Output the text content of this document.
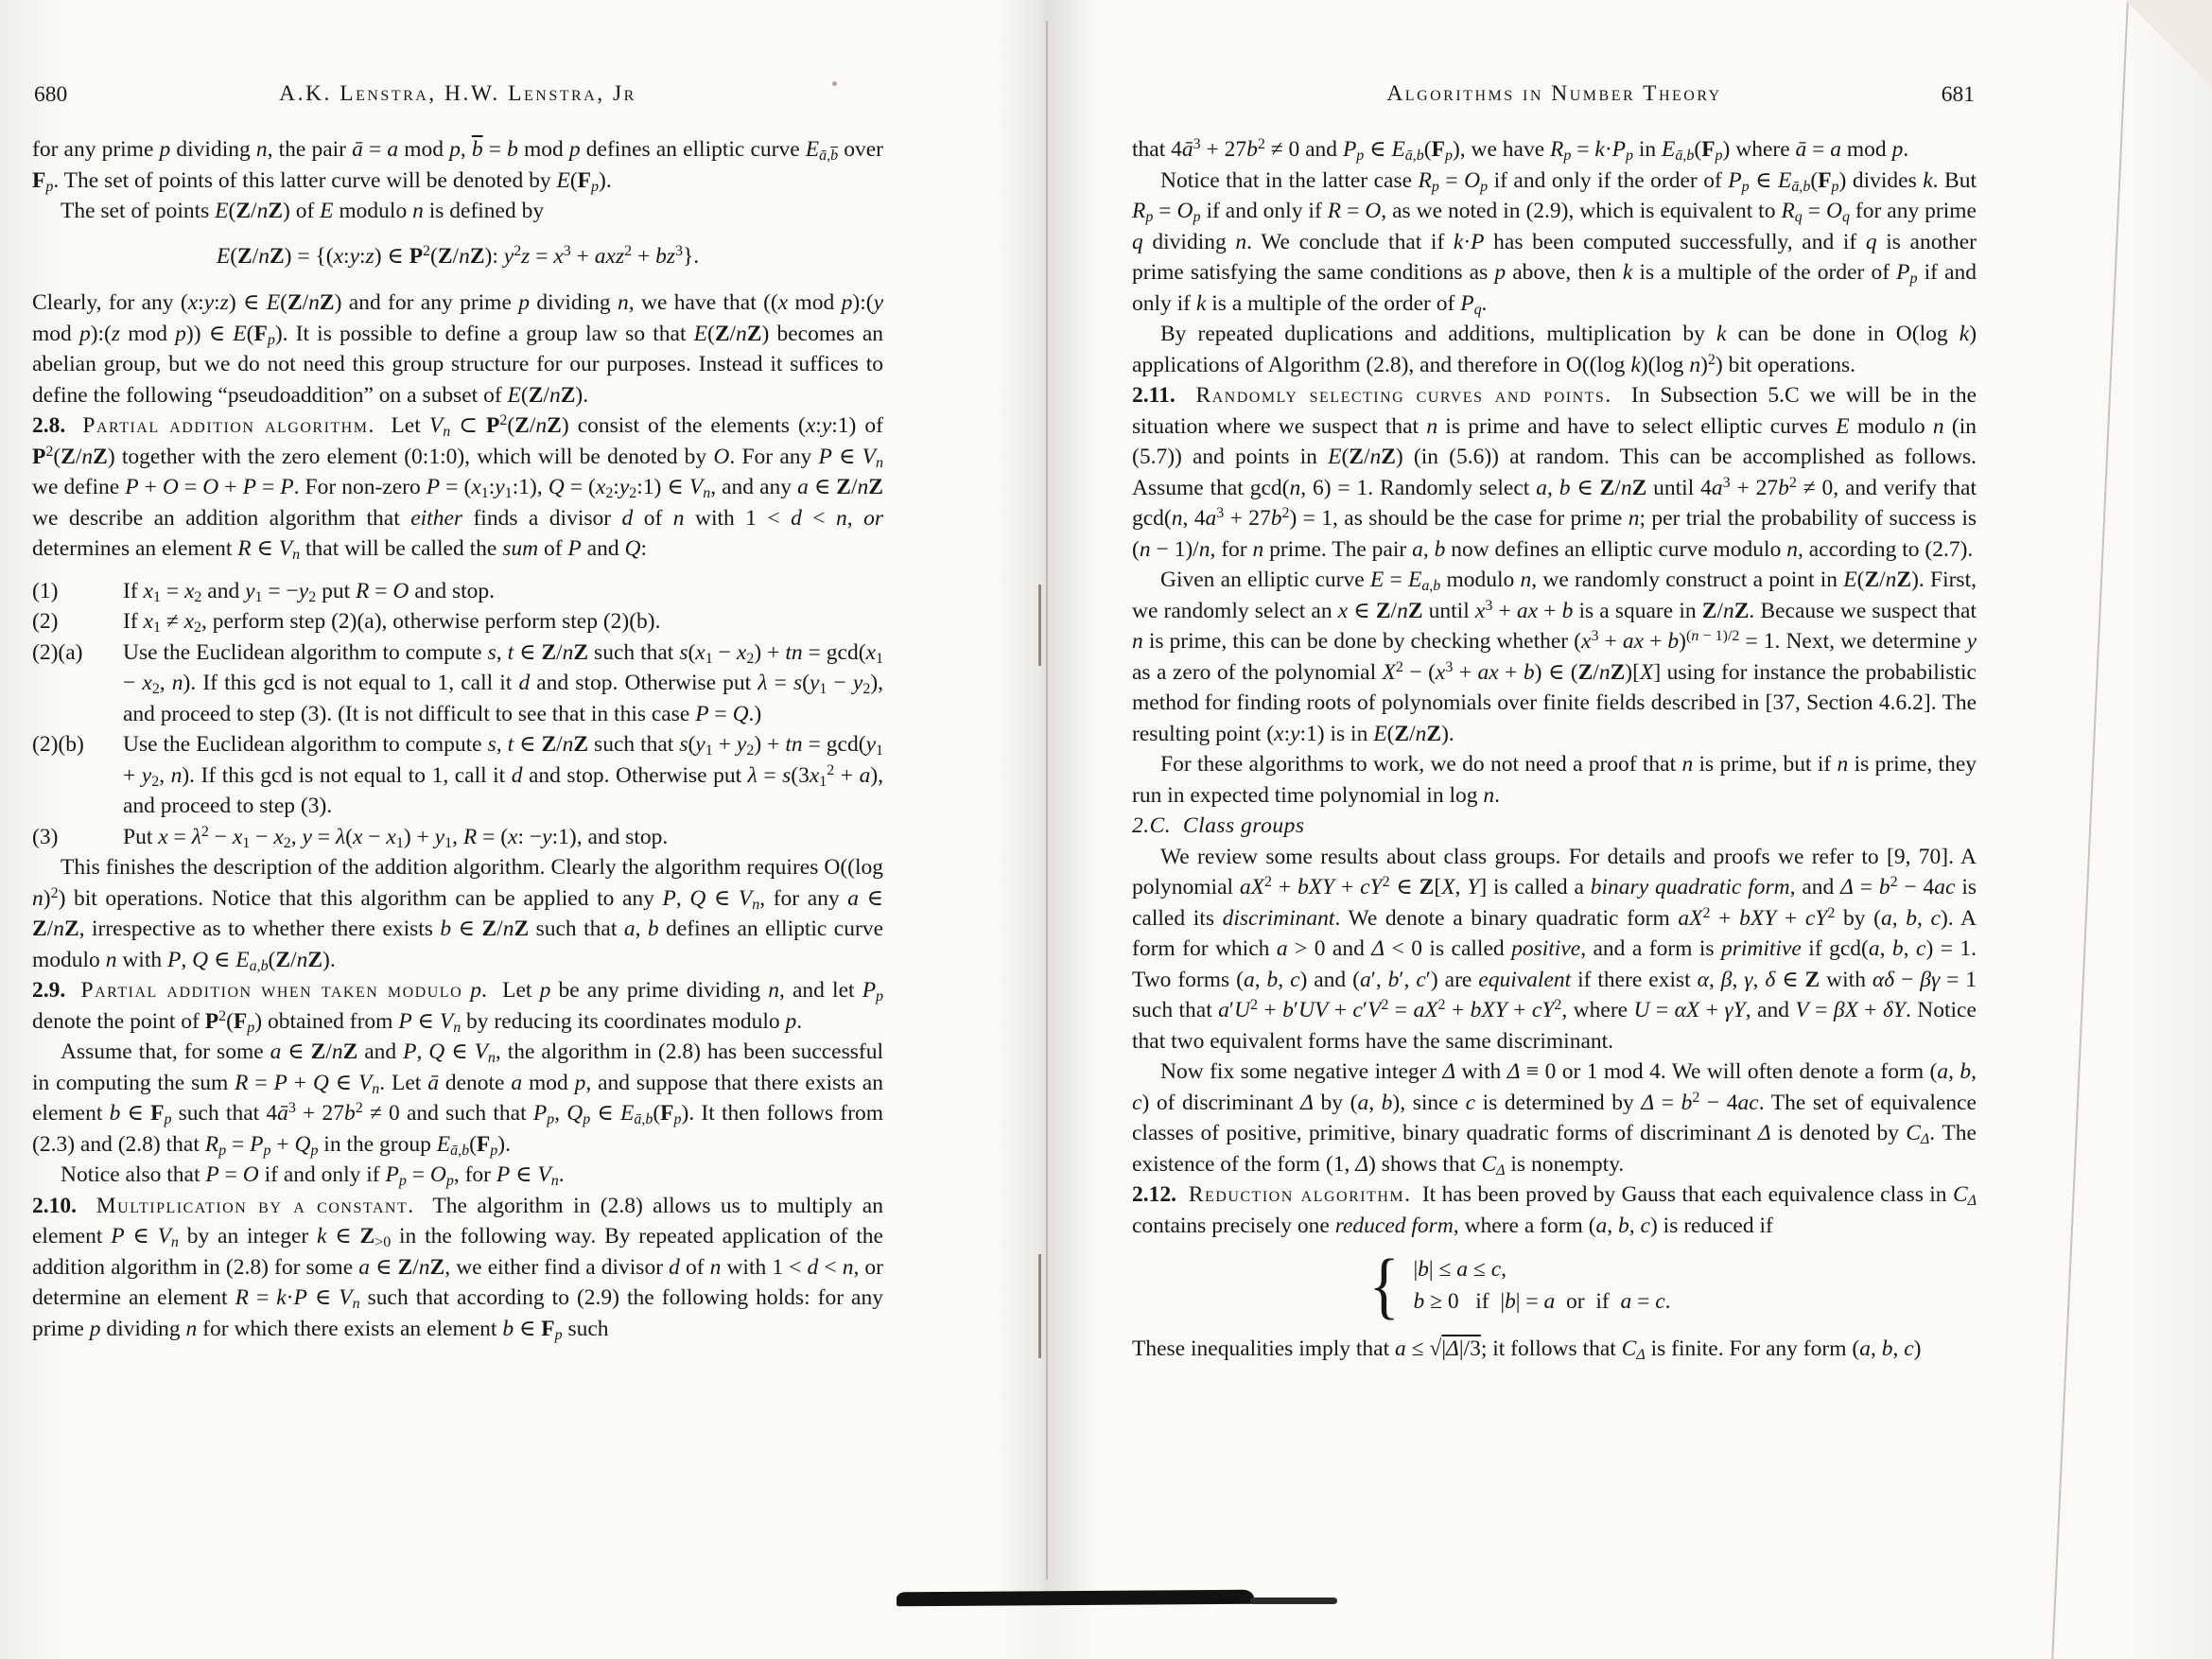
680	A.K. Lenstra, H.W. Lenstra, Jr

for any prime p dividing n, the pair ā = a mod p, $\overline{b} = b$ mod p defines an elliptic curve $E_{ā,\overline{b}}$ over $F_p$. The set of points of this latter curve will be denoted by $E(F_p)$.

The set of points E(Z/nZ) of E modulo n is defined by

E(Z/nZ) = {(x:y:z) ∈ $P^2(Z/nZ)$: $y^2z = x^3 + axz^2 + bz^3$}.

Clearly, for any (x:y:z) ∈ E(Z/nZ) and for any prime p dividing n, we have that ((x mod p):(y mod p):(z mod p)) ∈ $E(F_p)$. It is possible to define a group law so that E(Z/nZ) becomes an abelian group, but we do not need this group structure for our purposes. Instead it suffices to define the following “pseudoaddition” on a subset of E(Z/nZ).

2.8. Partial addition algorithm.  Let $V_n$ ⊂ $P^2(Z/nZ)$ consist of the elements (x:y:1) of $P^2(Z/nZ)$ together with the zero element (0:1:0), which will be denoted by O. For any P ∈ $V_n$ we define P + O = O + P = P. For non-zero $P = (x_1:y_1:1)$, $Q = (x_2:y_2:1)$ ∈ $V_n$, and any a ∈ Z/nZ we describe an addition algorithm that either finds a divisor d of n with 1 < d < n, or determines an element R ∈ $V_n$ that will be called the sum of P and Q:

(1)	If $x_1 = x_2$ and $y_1 = -y_2$ put R = O and stop.
(2)	If $x_1 \ne x_2$, perform step (2)(a), otherwise perform step (2)(b).
(2)(a)	Use the Euclidean algorithm to compute s, t ∈ Z/nZ such that $s(x_1 - x_2)$ + tn = $\gcd(x_1 - x_2$, n). If this gcd is not equal to 1, call it d and stop. Otherwise put $\lambda = s(y_1 - y_2)$, and proceed to step (3). (It is not difficult to see that in this case P = Q.)
(2)(b)	Use the Euclidean algorithm to compute s, t ∈ Z/nZ such that $s(y_1 + y_2)$ + tn = $\gcd(y_1 + y_2$, n). If this gcd is not equal to 1, call it d and stop. Otherwise put $\lambda = s(3x_1^2 + a)$, and proceed to step (3).
(3)	Put $x = \lambda^2 - x_1 - x_2$, $y = \lambda(x - x_1) + y_1$, R = (x: −y:1), and stop.

This finishes the description of the addition algorithm. Clearly the algorithm requires O((log n)$^2$) bit operations. Notice that this algorithm can be applied to any P, Q ∈ $V_n$, for any a ∈ Z/nZ, irrespective as to whether there exists b ∈ Z/nZ such that a, b defines an elliptic curve modulo n with P, Q ∈ $E_{a,b}(Z/nZ)$.

2.9. Partial addition when taken modulo p.  Let p be any prime dividing n, and let $P_p$ denote the point of $P^2(F_p)$ obtained from P ∈ $V_n$ by reducing its coordinates modulo p.

Assume that, for some a ∈ Z/nZ and P, Q ∈ $V_n$, the algorithm in (2.8) has been successful in computing the sum R = P + Q ∈ $V_n$. Let ā denote a mod p, and suppose that there exists an element b ∈ $F_p$ such that $4ā^3 + 27b^2 \ne 0$ and such that $P_p$, $Q_p$ ∈ $E_{ā,b}(F_p)$. It then follows from (2.3) and (2.8) that $R_p = P_p + Q_p$ in the group $E_{ā,b}(F_p)$.

Notice also that P = O if and only if $P_p = O_p$, for P ∈ $V_n$.

2.10. Multiplication by a constant.  The algorithm in (2.8) allows us to multiply an element P ∈ $V_n$ by an integer k ∈ $Z_{>0}$ in the following way. By repeated application of the addition algorithm in (2.8) for some a ∈ Z/nZ, we either find a divisor d of n with 1 < d < n, or determine an element R = k·P ∈ $V_n$ such that according to (2.9) the following holds: for any prime p dividing n for which there exists an element b ∈ $F_p$ such

Algorithms in Number Theory	681

that $4ā^3 + 27b^2 \ne 0$ and $P_p$ ∈ $E_{ā,b}(F_p)$, we have $R_p = k\cdot P_p$ in $E_{ā,b}(F_p)$ where ā = a mod p.

Notice that in the latter case $R_p = O_p$ if and only if the order of $P_p$ ∈ $E_{ā,b}(F_p)$ divides k. But $R_p = O_p$ if and only if R = O, as we noted in (2.9), which is equivalent to $R_q = O_q$ for any prime q dividing n. We conclude that if k·P has been computed successfully, and if q is another prime satisfying the same conditions as p above, then k is a multiple of the order of $P_p$ if and only if k is a multiple of the order of $P_q$.

By repeated duplications and additions, multiplication by k can be done in O(log k) applications of Algorithm (2.8), and therefore in O((log k)(log n)$^2$) bit operations.

2.11. Randomly selecting curves and points.  In Subsection 5.C we will be in the situation where we suspect that n is prime and have to select elliptic curves E modulo n (in (5.7)) and points in E(Z/nZ) (in (5.6)) at random. This can be accomplished as follows. Assume that gcd(n, 6) = 1. Randomly select a, b ∈ Z/nZ until $4a^3 + 27b^2 \ne 0$, and verify that gcd(n, $4a^3 + 27b^2) = 1$, as should be the case for prime n; per trial the probability of success is (n − 1)/n, for n prime. The pair a, b now defines an elliptic curve modulo n, according to (2.7).

Given an elliptic curve $E = E_{a,b}$ modulo n, we randomly construct a point in E(Z/nZ). First, we randomly select an x ∈ Z/nZ until $x^3$ + ax + b is a square in Z/nZ. Because we suspect that n is prime, this can be done by checking whether ($x^3$ + ax + b)$^{(n - 1)/2}$ = 1. Next, we determine y as a zero of the polynomial $X^2 - (x^3$ + ax + b) ∈ (Z/nZ)[X] using for instance the probabilistic method for finding roots of polynomials over finite fields described in [37, Section 4.6.2]. The resulting point (x:y:1) is in E(Z/nZ).

For these algorithms to work, we do not need a proof that n is prime, but if n is prime, they run in expected time polynomial in log n.

2.C.  Class groups

We review some results about class groups. For details and proofs we refer to [9, 70]. A polynomial $aX^2$ + bXY + $cY^2$ ∈ Z[X, Y] is called a binary quadratic form, and $\Delta = b^2 - 4ac$ is called its discriminant. We denote a binary quadratic form $aX^2$ + bXY + $cY^2$ by (a, b, c). A form for which a > 0 and Δ < 0 is called positive, and a form is primitive if gcd(a, b, c) = 1. Two forms (a, b, c) and (a′, b′, c′) are equivalent if there exist α, β, γ, δ ∈ Z with αδ − βγ = 1 such that $a'U^2 + b'UV + c'V^2 = aX^2$ + bXY + $cY^2$, where U = αX + γY, and V = βX + δY. Notice that two equivalent forms have the same discriminant.

Now fix some negative integer Δ with Δ ≡ 0 or 1 mod 4. We will often denote a form (a, b, c) of discriminant Δ by (a, b), since c is determined by $\Delta = b^2 - 4ac$. The set of equivalence classes of positive, primitive, binary quadratic forms of discriminant Δ is denoted by $C_\Delta$. The existence of the form (1, Δ) shows that $C_\Delta$ is nonempty.

2.12. Reduction algorithm.  It has been proved by Gauss that each equivalence class in $C_\Delta$ contains precisely one reduced form, where a form (a, b, c) is reduced if

{ |b| ≤ a ≤ c,
b ≥ 0   if  |b| = a  or  if  a = c.

These inequalities imply that a ≤ √|Δ|/3; it follows that $C_\Delta$ is finite. For any form (a, b, c)
